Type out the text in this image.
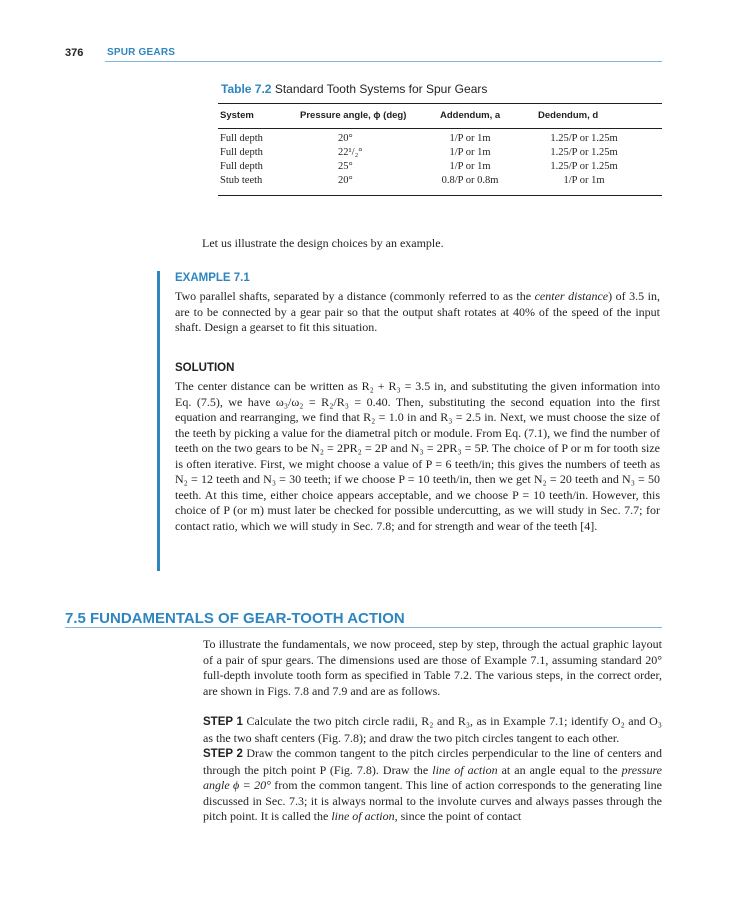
376 SPUR GEARS
Table 7.2 Standard Tooth Systems for Spur Gears
System	Pressure angle, ϕ (deg)	Addendum, a	Dedendum, d
Full depth	20°	1/P or 1m	1.25/P or 1.25m
Full depth	22¹/₂°	1/P or 1m	1.25/P or 1.25m
Full depth	25°	1/P or 1m	1.25/P or 1.25m
Stub teeth	20°	0.8/P or 0.8m	1/P or 1m

Let us illustrate the design choices by an example.

EXAMPLE 7.1

Two parallel shafts, separated by a distance (commonly referred to as the center distance) of 3.5 in, are to be connected by a gear pair so that the output shaft rotates at 40% of the speed of the input shaft. Design a gearset to fit this situation.

SOLUTION

The center distance can be written as R₂ + R₃ = 3.5 in, and substituting the given information into Eq. (7.5), we have ω₃/ω₂ = R₂/R₃ = 0.40. Then, substituting the second equation into the first equation and rearranging, we find that R₂ = 1.0 in and R₃ = 2.5 in. Next, we must choose the size of the teeth by picking a value for the diametral pitch or module. From Eq. (7.1), we find the number of teeth on the two gears to be N₂ = 2PR₂ = 2P and N₃ = 2PR₃ = 5P. The choice of P or m for tooth size is often iterative. First, we might choose a value of P = 6 teeth/in; this gives the numbers of teeth as N₂ = 12 teeth and N₃ = 30 teeth; if we choose P = 10 teeth/in, then we get N₂ = 20 teeth and N₃ = 50 teeth. At this time, either choice appears acceptable, and we choose P = 10 teeth/in. However, this choice of P (or m) must later be checked for possible undercutting, as we will study in Sec. 7.7; for contact ratio, which we will study in Sec. 7.8; and for strength and wear of the teeth [4].

7.5 FUNDAMENTALS OF GEAR-TOOTH ACTION

To illustrate the fundamentals, we now proceed, step by step, through the actual graphic layout of a pair of spur gears. The dimensions used are those of Example 7.1, assuming standard 20° full-depth involute tooth form as specified in Table 7.2. The various steps, in the correct order, are shown in Figs. 7.8 and 7.9 and are as follows.

STEP 1 Calculate the two pitch circle radii, R₂ and R₃, as in Example 7.1; identify O₂ and O₃ as the two shaft centers (Fig. 7.8); and draw the two pitch circles tangent to each other.
STEP 2 Draw the common tangent to the pitch circles perpendicular to the line of centers and through the pitch point P (Fig. 7.8). Draw the line of action at an angle equal to the pressure angle ϕ = 20° from the common tangent. This line of action corresponds to the generating line discussed in Sec. 7.3; it is always normal to the involute curves and always passes through the pitch point. It is called the line of action, since the point of contact
